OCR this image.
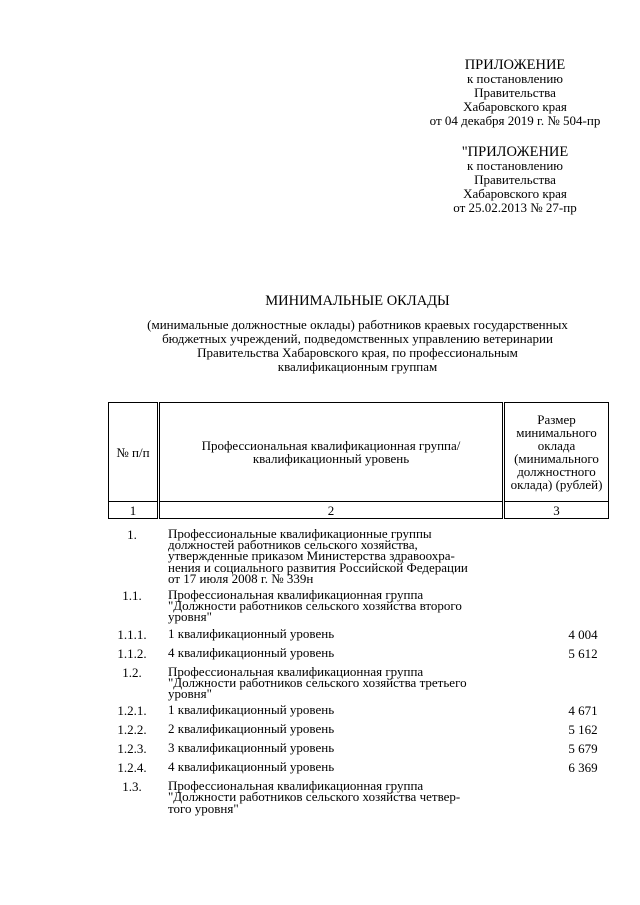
ПРИЛОЖЕНИЕ
к постановлению
Правительства
Хабаровского края
от 04 декабря 2019 г. № 504-пр
"ПРИЛОЖЕНИЕ
к постановлению
Правительства
Хабаровского края
от 25.02.2013 № 27-пр
МИНИМАЛЬНЫЕ ОКЛАДЫ
(минимальные должностные оклады) работников краевых государственных
бюджетных учреждений, подведомственных управлению ветеринарии
Правительства Хабаровского края, по профессиональным
квалификационным группам
№ п/п	Профессиональная квалификационная группа/ квалификационный уровень	Размер минимального оклада (минимального должностного оклада) (рублей)
1	2	3
1.	Профессиональные квалификационные группы
должностей работников сельского хозяйства,
утвержденные приказом Министерства здравоохра-
нения и социального развития Российской Федерации
от 17 июля 2008 г. № 339н
1.1.	Профессиональная квалификационная группа
"Должности работников сельского хозяйства второго
уровня"
1.1.1.	1 квалификационный уровень	4 004
1.1.2.	4 квалификационный уровень	5 612
1.2.	Профессиональная квалификационная группа
"Должности работников сельского хозяйства третьего
уровня"
1.2.1.	1 квалификационный уровень	4 671
1.2.2.	2 квалификационный уровень	5 162
1.2.3.	3 квалификационный уровень	5 679
1.2.4.	4 квалификационный уровень	6 369
1.3.	Профессиональная квалификационная группа
"Должности работников сельского хозяйства четвер-
того уровня"
